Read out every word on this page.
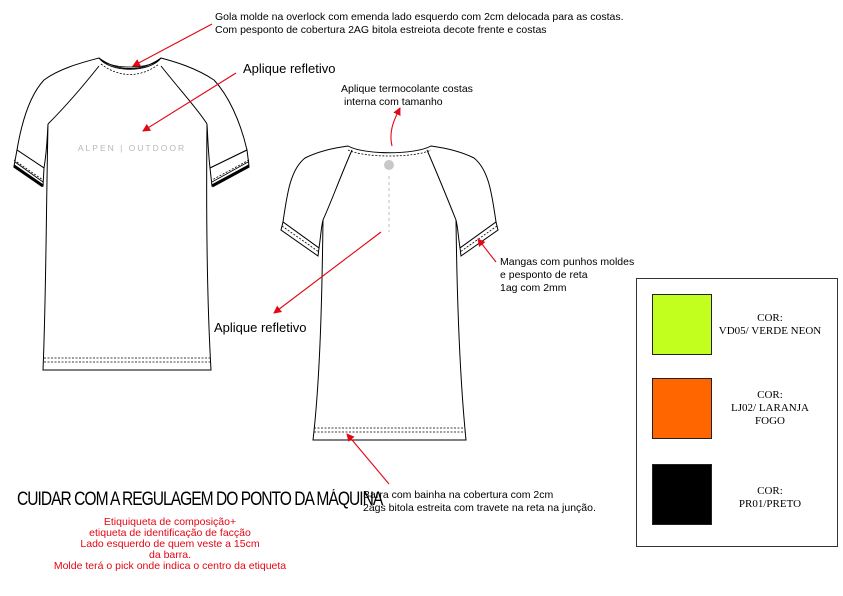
ALPEN | OUTDOOR
Gola molde na overlock com emenda lado esquerdo com 2cm delocada para as costas.
Com pesponto de cobertura 2AG bitola estreiota decote frente e costas
Aplique refletivo
Aplique termocolante costas
interna com tamanho
Mangas com punhos moldes
e pesponto de reta
1ag com 2mm
Aplique refletivo
Barra com bainha na cobertura com 2cm
2ags bitola estreita com travete na reta na junção.
CUIDAR COM A REGULAGEM DO PONTO DA MÁQUINA
Etiquiqueta de composição+
etiqueta de identificação de facção
Lado esquerdo de quem veste a 15cm
da barra.
Molde terá o pick onde indica o centro da etiqueta
COR:
VD05/ VERDE NEON
COR:
LJ02/ LARANJA
FOGO
COR:
PR01/PRETO
